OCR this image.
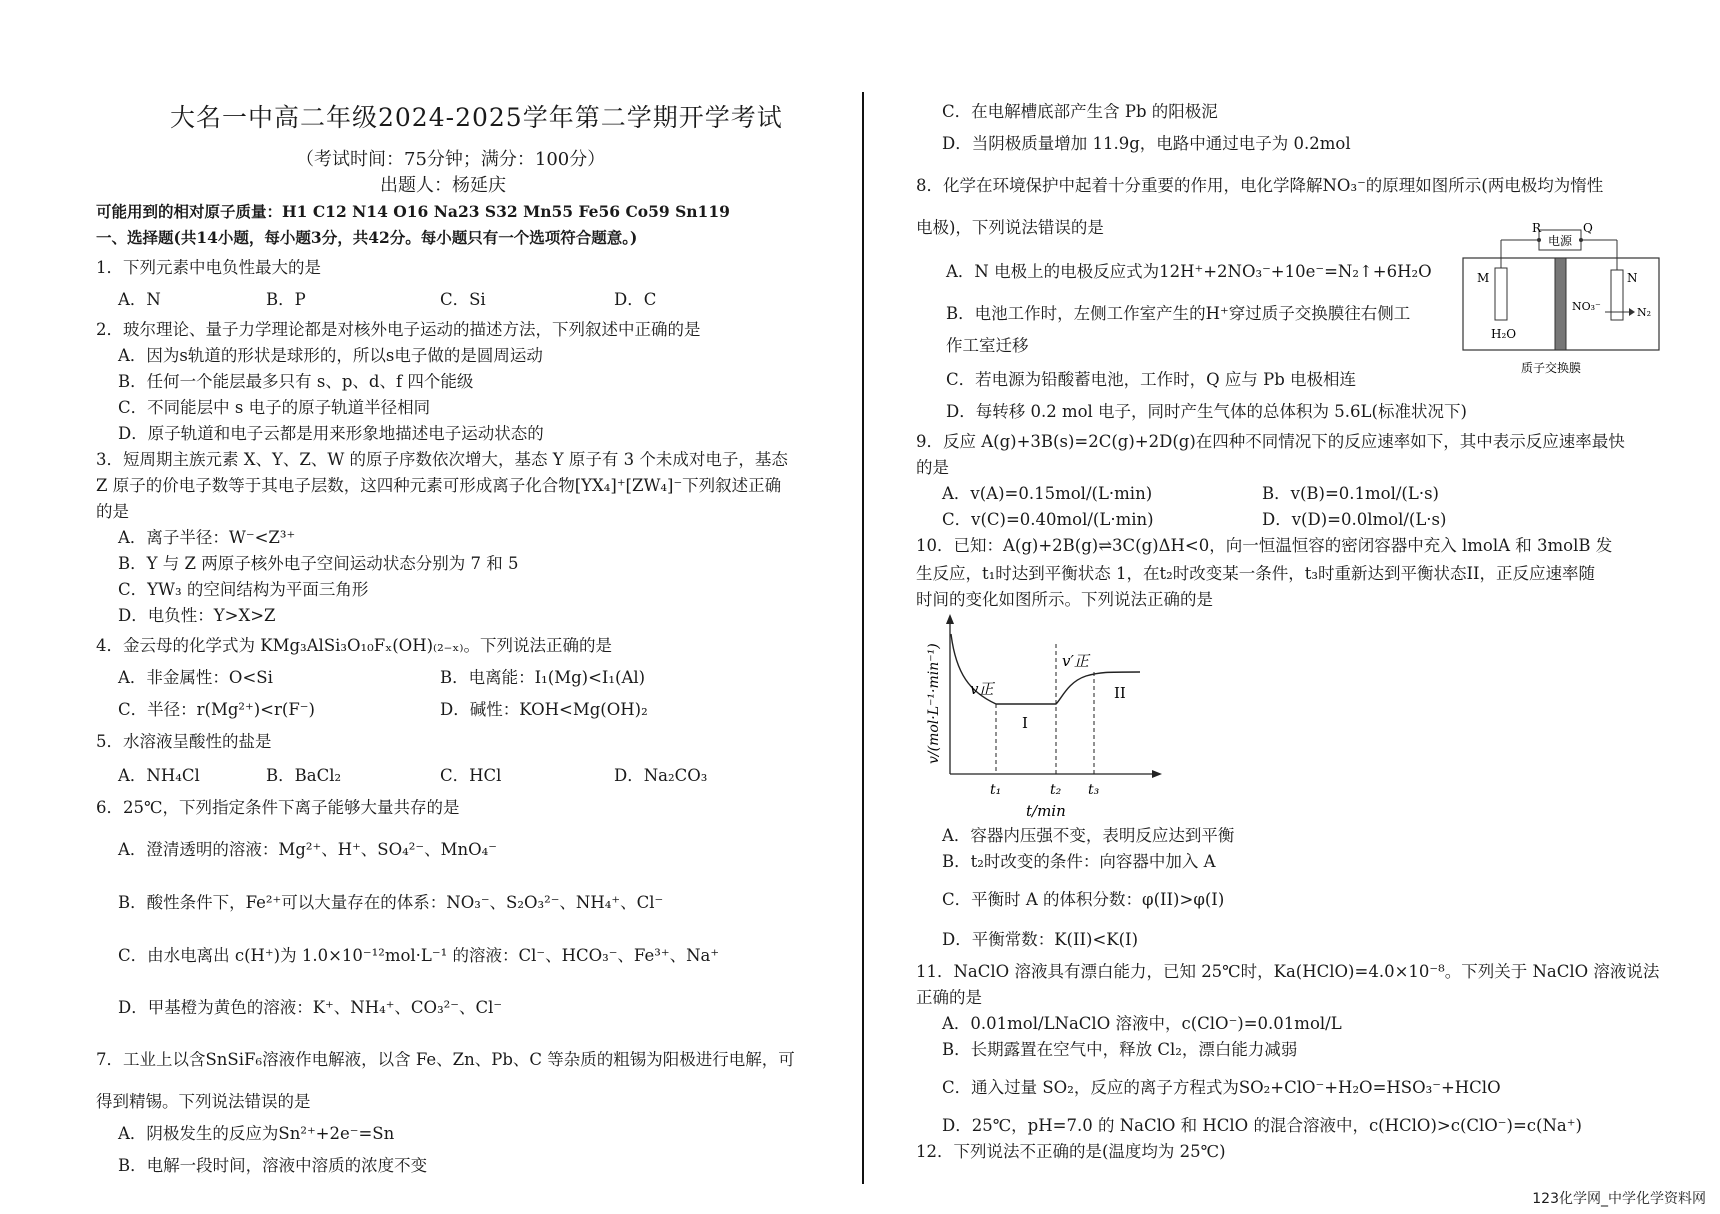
大名一中高二年级2024-2025学年第二学期开学考试
（考试时间：75分钟；满分：100分）
出题人：杨延庆
可能用到的相对原子质量：H1 C12 N14 O16 Na23 S32 Mn55 Fe56 Co59 Sn119
一、选择题(共14小题，每小题3分，共42分。每小题只有一个选项符合题意。)
1．下列元素中电负性最大的是
A．N	B．P	C．Si	D．C
2．玻尔理论、量子力学理论都是对核外电子运动的描述方法，下列叙述中正确的是
A．因为s轨道的形状是球形的，所以s电子做的是圆周运动
B．任何一个能层最多只有 s、p、d、f 四个能级
C．不同能层中 s 电子的原子轨道半径相同
D．原子轨道和电子云都是用来形象地描述电子运动状态的
3．短周期主族元素 X、Y、Z、W 的原子序数依次增大，基态 Y 原子有 3 个未成对电子，基态
Z 原子的价电子数等于其电子层数，这四种元素可形成离子化合物[YX₄]⁺[ZW₄]⁻下列叙述正确
的是
A．离子半径：W⁻<Z³⁺
B．Y 与 Z 两原子核外电子空间运动状态分别为 7 和 5
C．YW₃ 的空间结构为平面三角形
D．电负性：Y>X>Z
4．金云母的化学式为 KMg₃AlSi₃O₁₀Fₓ(OH)₍₂₋ₓ₎。下列说法正确的是
A．非金属性：O<Si	B．电离能：I₁(Mg)<I₁(Al)
C．半径：r(Mg²⁺)<r(F⁻)	D．碱性：KOH<Mg(OH)₂
5．水溶液呈酸性的盐是
A．NH₄Cl	B．BaCl₂	C．HCl	D．Na₂CO₃
6．25℃，下列指定条件下离子能够大量共存的是
A．澄清透明的溶液：Mg²⁺、H⁺、SO₄²⁻、MnO₄⁻
B．酸性条件下，Fe²⁺可以大量存在的体系：NO₃⁻、S₂O₃²⁻、NH₄⁺、Cl⁻
C．由水电离出 c(H⁺)为 1.0×10⁻¹²mol·L⁻¹ 的溶液：Cl⁻、HCO₃⁻、Fe³⁺、Na⁺
D．甲基橙为黄色的溶液：K⁺、NH₄⁺、CO₃²⁻、Cl⁻
7．工业上以含SnSiF₆溶液作电解液，以含 Fe、Zn、Pb、C 等杂质的粗锡为阳极进行电解，可
得到精锡。下列说法错误的是
A．阴极发生的反应为Sn²⁺+2e⁻=Sn
B．电解一段时间，溶液中溶质的浓度不变
C．在电解槽底部产生含 Pb 的阳极泥
D．当阴极质量增加 11.9g，电路中通过电子为 0.2mol
8．化学在环境保护中起着十分重要的作用，电化学降解NO₃⁻的原理如图所示(两电极均为惰性
电极)，下列说法错误的是
A．N 电极上的电极反应式为12H⁺+2NO₃⁻+10e⁻=N₂↑+6H₂O
B．电池工作时，左侧工作室产生的H⁺穿过质子交换膜往右侧工
作工室迁移
C．若电源为铅酸蓄电池，工作时，Q 应与 Pb 电极相连
D．每转移 0.2 mol 电子，同时产生气体的总体积为 5.6L(标准状况下)
电源
R	Q
M
H₂O
N
NO₃⁻	N₂
质子交换膜
9．反应 A(g)+3B(s)=2C(g)+2D(g)在四种不同情况下的反应速率如下，其中表示反应速率最快
的是
A．v(A)=0.15mol/(L·min)	B．v(B)=0.1mol/(L·s)
C．v(C)=0.40mol/(L·min)	D．v(D)=0.0lmol/(L·s)
10．已知：A(g)+2B(g)⇌3C(g)ΔH<0，向一恒温恒容的密闭容器中充入 lmolA 和 3molB 发
生反应，t₁时达到平衡状态 1，在t₂时改变某一条件，t₃时重新达到平衡状态II，正反应速率随
时间的变化如图所示。下列说法正确的是
v正
v′正
I
II
t₁	t₂ t₃
t/min
v/(mol·L⁻¹·min⁻¹)
A．容器内压强不变，表明反应达到平衡
B．t₂时改变的条件：向容器中加入 A
C．平衡时 A 的体积分数：φ(II)>φ(I)
D．平衡常数：K(II)<K(I)
11．NaClO 溶液具有漂白能力，已知 25℃时，Ka(HClO)=4.0×10⁻⁸。下列关于 NaClO 溶液说法
正确的是
A．0.01mol/LNaClO 溶液中，c(ClO⁻)=0.01mol/L
B．长期露置在空气中，释放 Cl₂，漂白能力减弱
C．通入过量 SO₂，反应的离子方程式为SO₂+ClO⁻+H₂O=HSO₃⁻+HClO
D．25℃，pH=7.0 的 NaClO 和 HClO 的混合溶液中，c(HClO)>c(ClO⁻)=c(Na⁺)
12．下列说法不正确的是(温度均为 25℃)
123化学网_中学化学资料网
